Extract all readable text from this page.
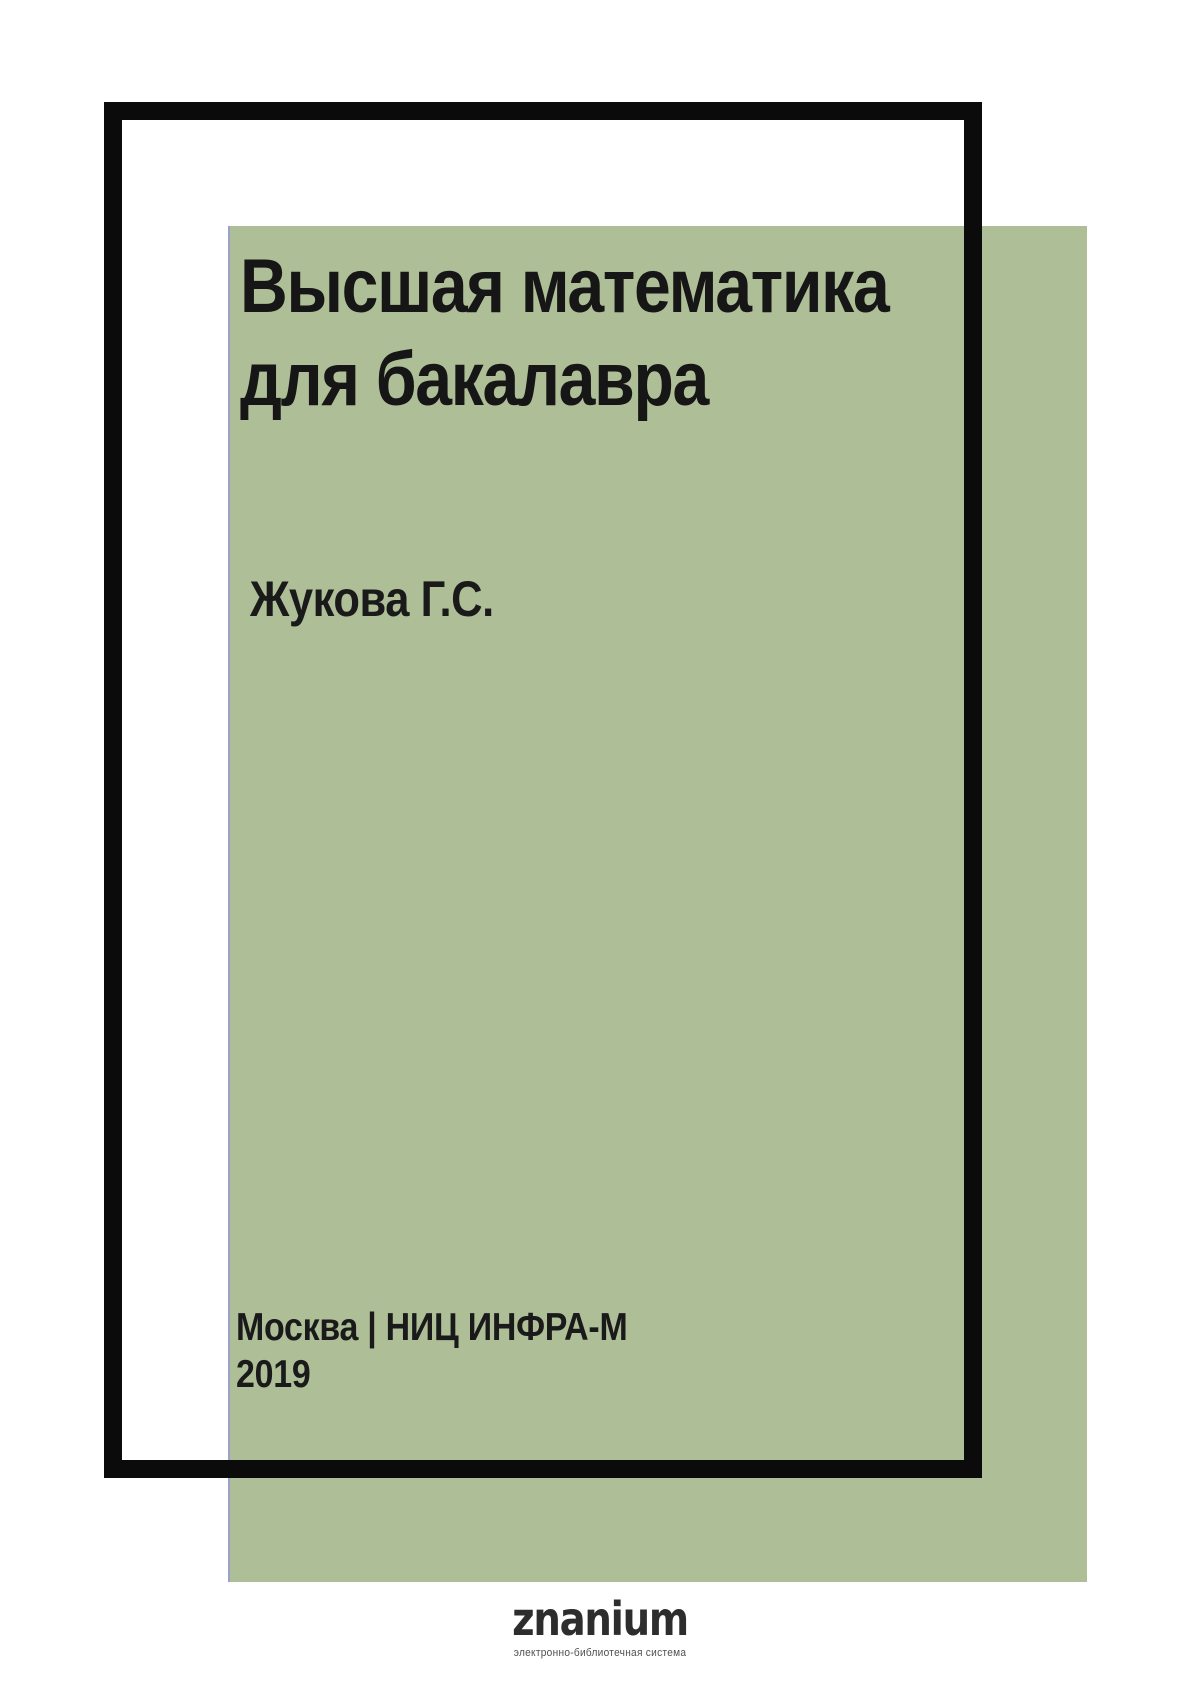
Высшая математика
для бакалавра
Жукова Г.С.
Москва | НИЦ ИНФРА-М
2019
znanium
электронно-библиотечная система
